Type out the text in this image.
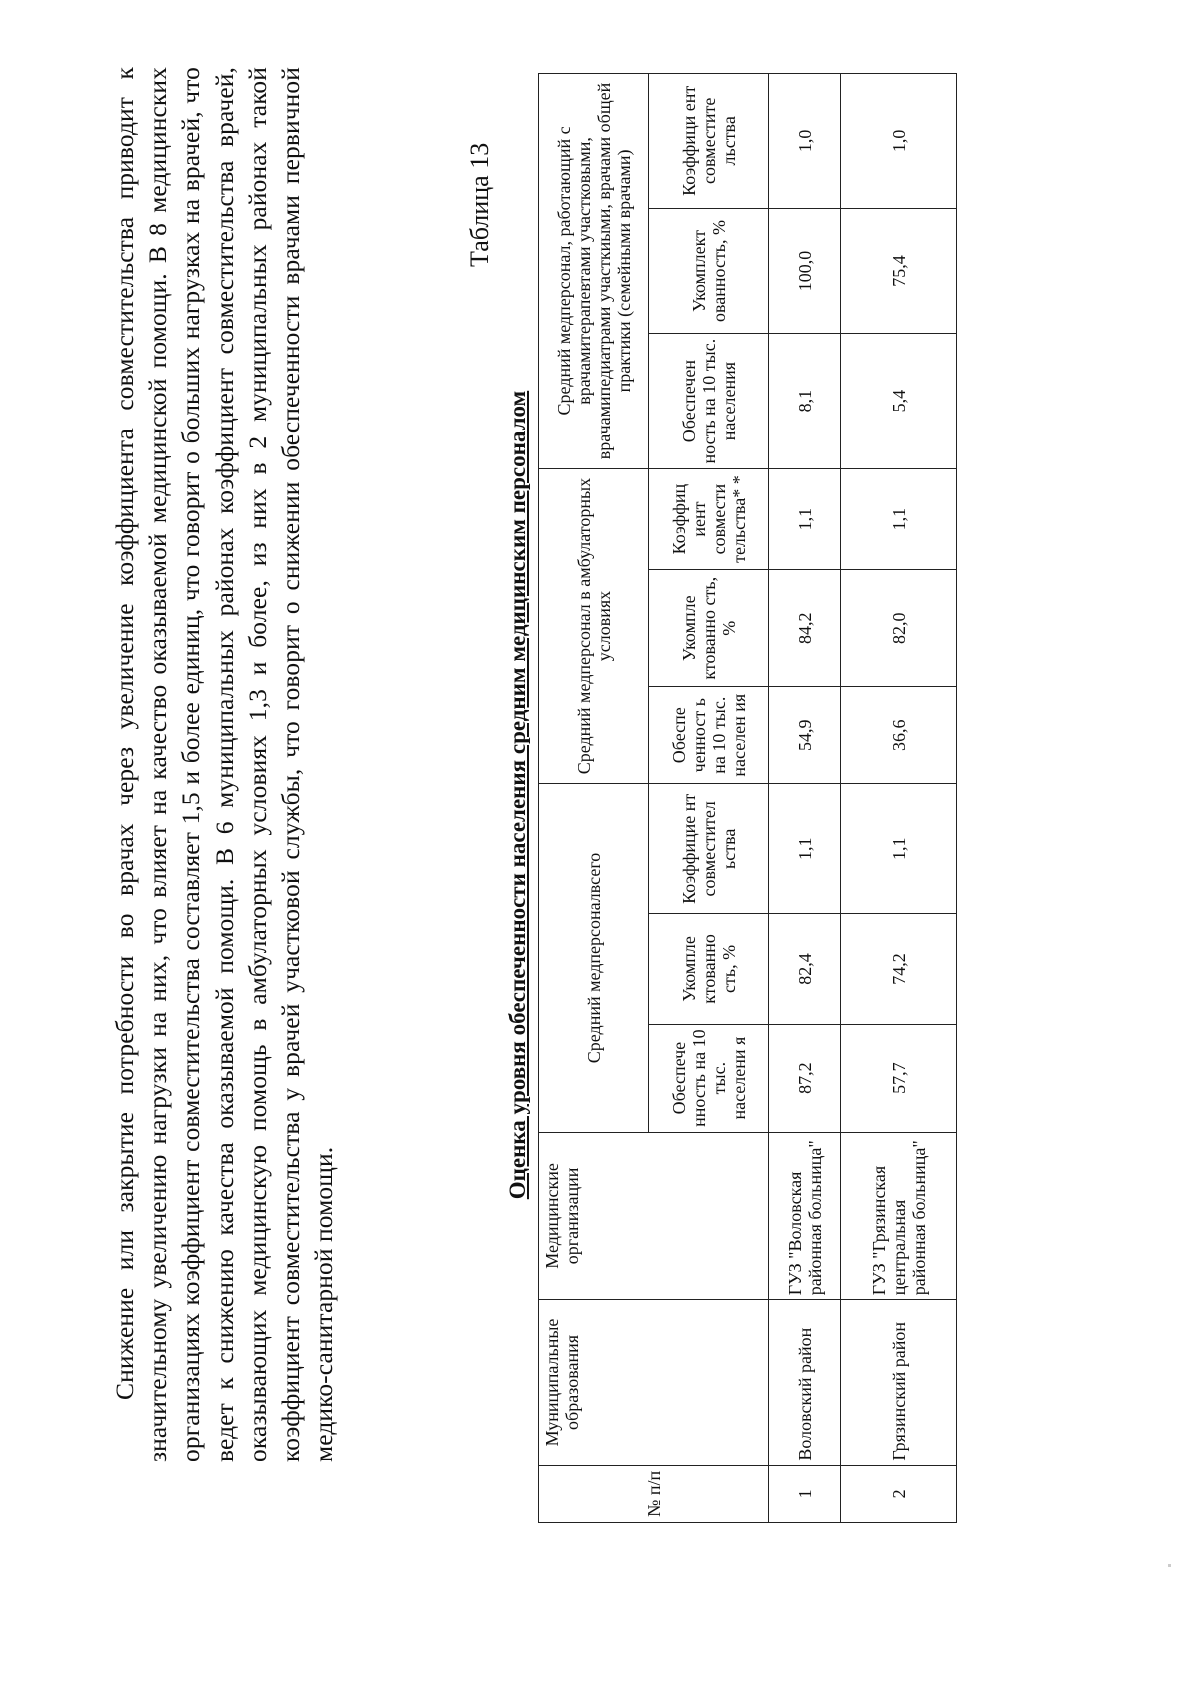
Снижение или закрытие потребности во врачах через увеличение коэффициента совместительства приводит к значительному увеличению нагрузки на них, что влияет на качество оказываемой медицинской помощи. В 8 медицинских организациях коэффициент совместительства составляет 1,5 и более единиц, что говорит о больших нагрузках на врачей, что ведет к снижению качества оказываемой помощи. В 6 муниципальных районах коэффициент совместительства врачей, оказывающих медицинскую помощь в амбулаторных условиях 1,3 и более, из них в 2 муниципальных районах такой коэффициент совместительства у врачей участковой службы, что говорит о снижении обеспеченности врачами первичной медико-санитарной помощи.
Таблица 13
Оценка уровня обеспеченности населения средним медицинским персоналом
№ п/п	Муниципальные образования	Медицинские организации	Средний медперсоналвсего			Средний медперсонал в амбулаторных условиях			Средний медперсонал, работающий с врачамитерапевтами участковыми, врачамипедиатрами участкиыми, врачами общей практики (семейными врачами)		
			Обеспече нность на 10 тыс. населени я	Укомпле ктованно сть, %	Коэффицие нт совместител ьства	Обеспе ченност ь на 10 тыс. населен ия	Укомпле ктованно сть, %	Коэффиц иент совмести тельства* *	Обеспечен ность на 10 тыс. населения	Укомплект ованность, %	Коэффици ент совместите льства
1	Воловский район	ГУЗ "Воловская районная больница"	87,2	82,4	1,1	54,9	84,2	1,1	8,1	100,0	1,0
2	Грязинский район	ГУЗ "Грязинская центральная районная больница"	57,7	74,2	1,1	36,6	82,0	1,1	5,4	75,4	1,0
